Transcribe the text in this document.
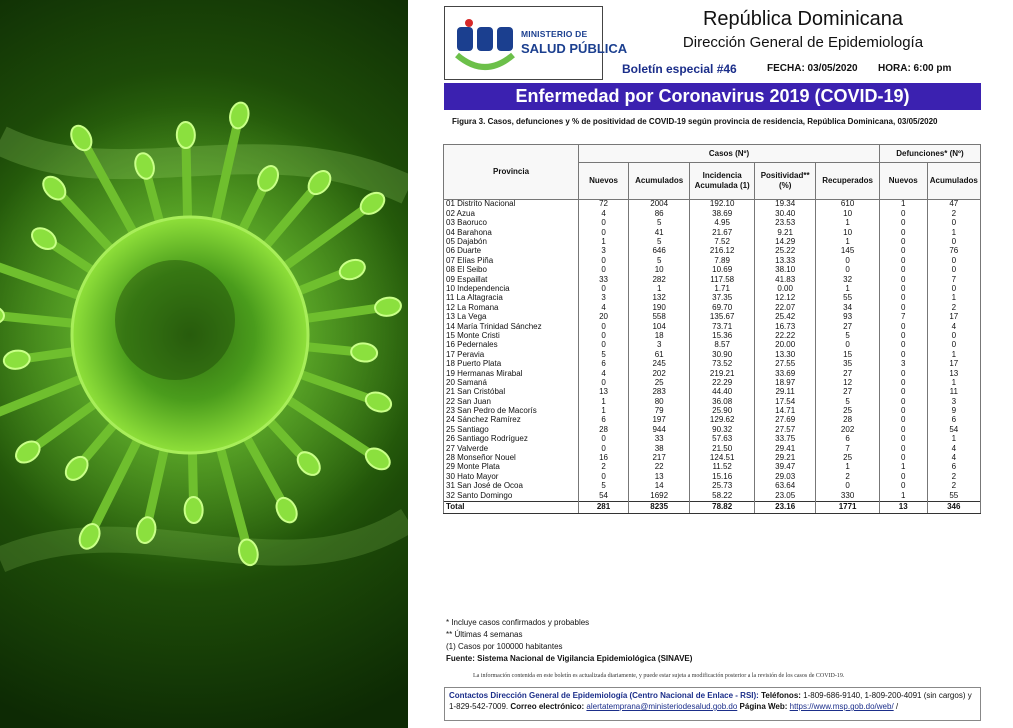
MINISTERIO DE
SALUD PÚBLICA
República Dominicana
Dirección General de Epidemiología
Boletín especial #46	FECHA: 03/05/2020 HORA: 6:00 pm
Enfermedad por Coronavirus 2019 (COVID-19)
Figura 3. Casos, defunciones y % de positividad de COVID-19 según provincia de residencia, República Dominicana, 03/05/2020
Provincia	Casos (Nº)					Defunciones* (Nº)	
	Nuevos	Acumulados	Incidencia Acumulada (1)	Positividad** (%)	Recuperados	Nuevos	Acumulados
01 Distrito Nacional	72	2004	192.10	19.34	610	1	47
02 Azua	4	86	38.69	30.40	10	0	2
03 Baoruco	0	5	4.95	23.53	1	0	0
04 Barahona	0	41	21.67	9.21	10	0	1
05 Dajabón	1	5	7.52	14.29	1	0	0
06 Duarte	3	646	216.12	25.22	145	0	76
07 Elías Piña	0	5	7.89	13.33	0	0	0
08 El Seibo	0	10	10.69	38.10	0	0	0
09 Espaillat	33	282	117.58	41.83	32	0	7
10 Independencia	0	1	1.71	0.00	1	0	0
11 La Altagracia	3	132	37.35	12.12	55	0	1
12 La Romana	4	190	69.70	22.07	34	0	2
13 La Vega	20	558	135.67	25.42	93	7	17
14 María Trinidad Sánchez	0	104	73.71	16.73	27	0	4
15 Monte Cristi	0	18	15.36	22.22	5	0	0
16 Pedernales	0	3	8.57	20.00	0	0	0
17 Peravia	5	61	30.90	13.30	15	0	1
18 Puerto Plata	6	245	73.52	27.55	35	3	17
19 Hermanas Mirabal	4	202	219.21	33.69	27	0	13
20 Samaná	0	25	22.29	18.97	12	0	1
21 San Cristóbal	13	283	44.40	29.11	27	0	11
22 San Juan	1	80	36.08	17.54	5	0	3
23 San Pedro de Macorís	1	79	25.90	14.71	25	0	9
24 Sánchez Ramírez	6	197	129.62	27.69	28	0	6
25 Santiago	28	944	90.32	27.57	202	0	54
26 Santiago Rodríguez	0	33	57.63	33.75	6	0	1
27 Valverde	0	38	21.50	29.41	7	0	4
28 Monseñor Nouel	16	217	124.51	29.21	25	0	4
29 Monte Plata	2	22	11.52	39.47	1	1	6
30 Hato Mayor	0	13	15.16	29.03	2	0	2
31 San José de Ocoa	5	14	25.73	63.64	0	0	2
32 Santo Domingo	54	1692	58.22	23.05	330	1	55
Total	281	8235	78.82	23.16	1771	13	346
* Incluye casos confirmados y probables
** Últimas 4 semanas
(1) Casos por 100000 habitantes
Fuente: Sistema Nacional de Vigilancia Epidemiológica (SINAVE)
La información contenida en este boletín es actualizada diariamente, y puede estar sujeta a modificación posterior a la revisión de los casos de COVID-19.
Contactos Dirección General de Epidemiología (Centro Nacional de Enlace - RSI): Teléfonos: 1-809-686-9140, 1-809-200-4091 (sin cargos) y 1-829-542-7009. Correo electrónico: alertatemprana@ministeriodesalud.gob.do Página Web: https://www.msp.gob.do/web/ /
